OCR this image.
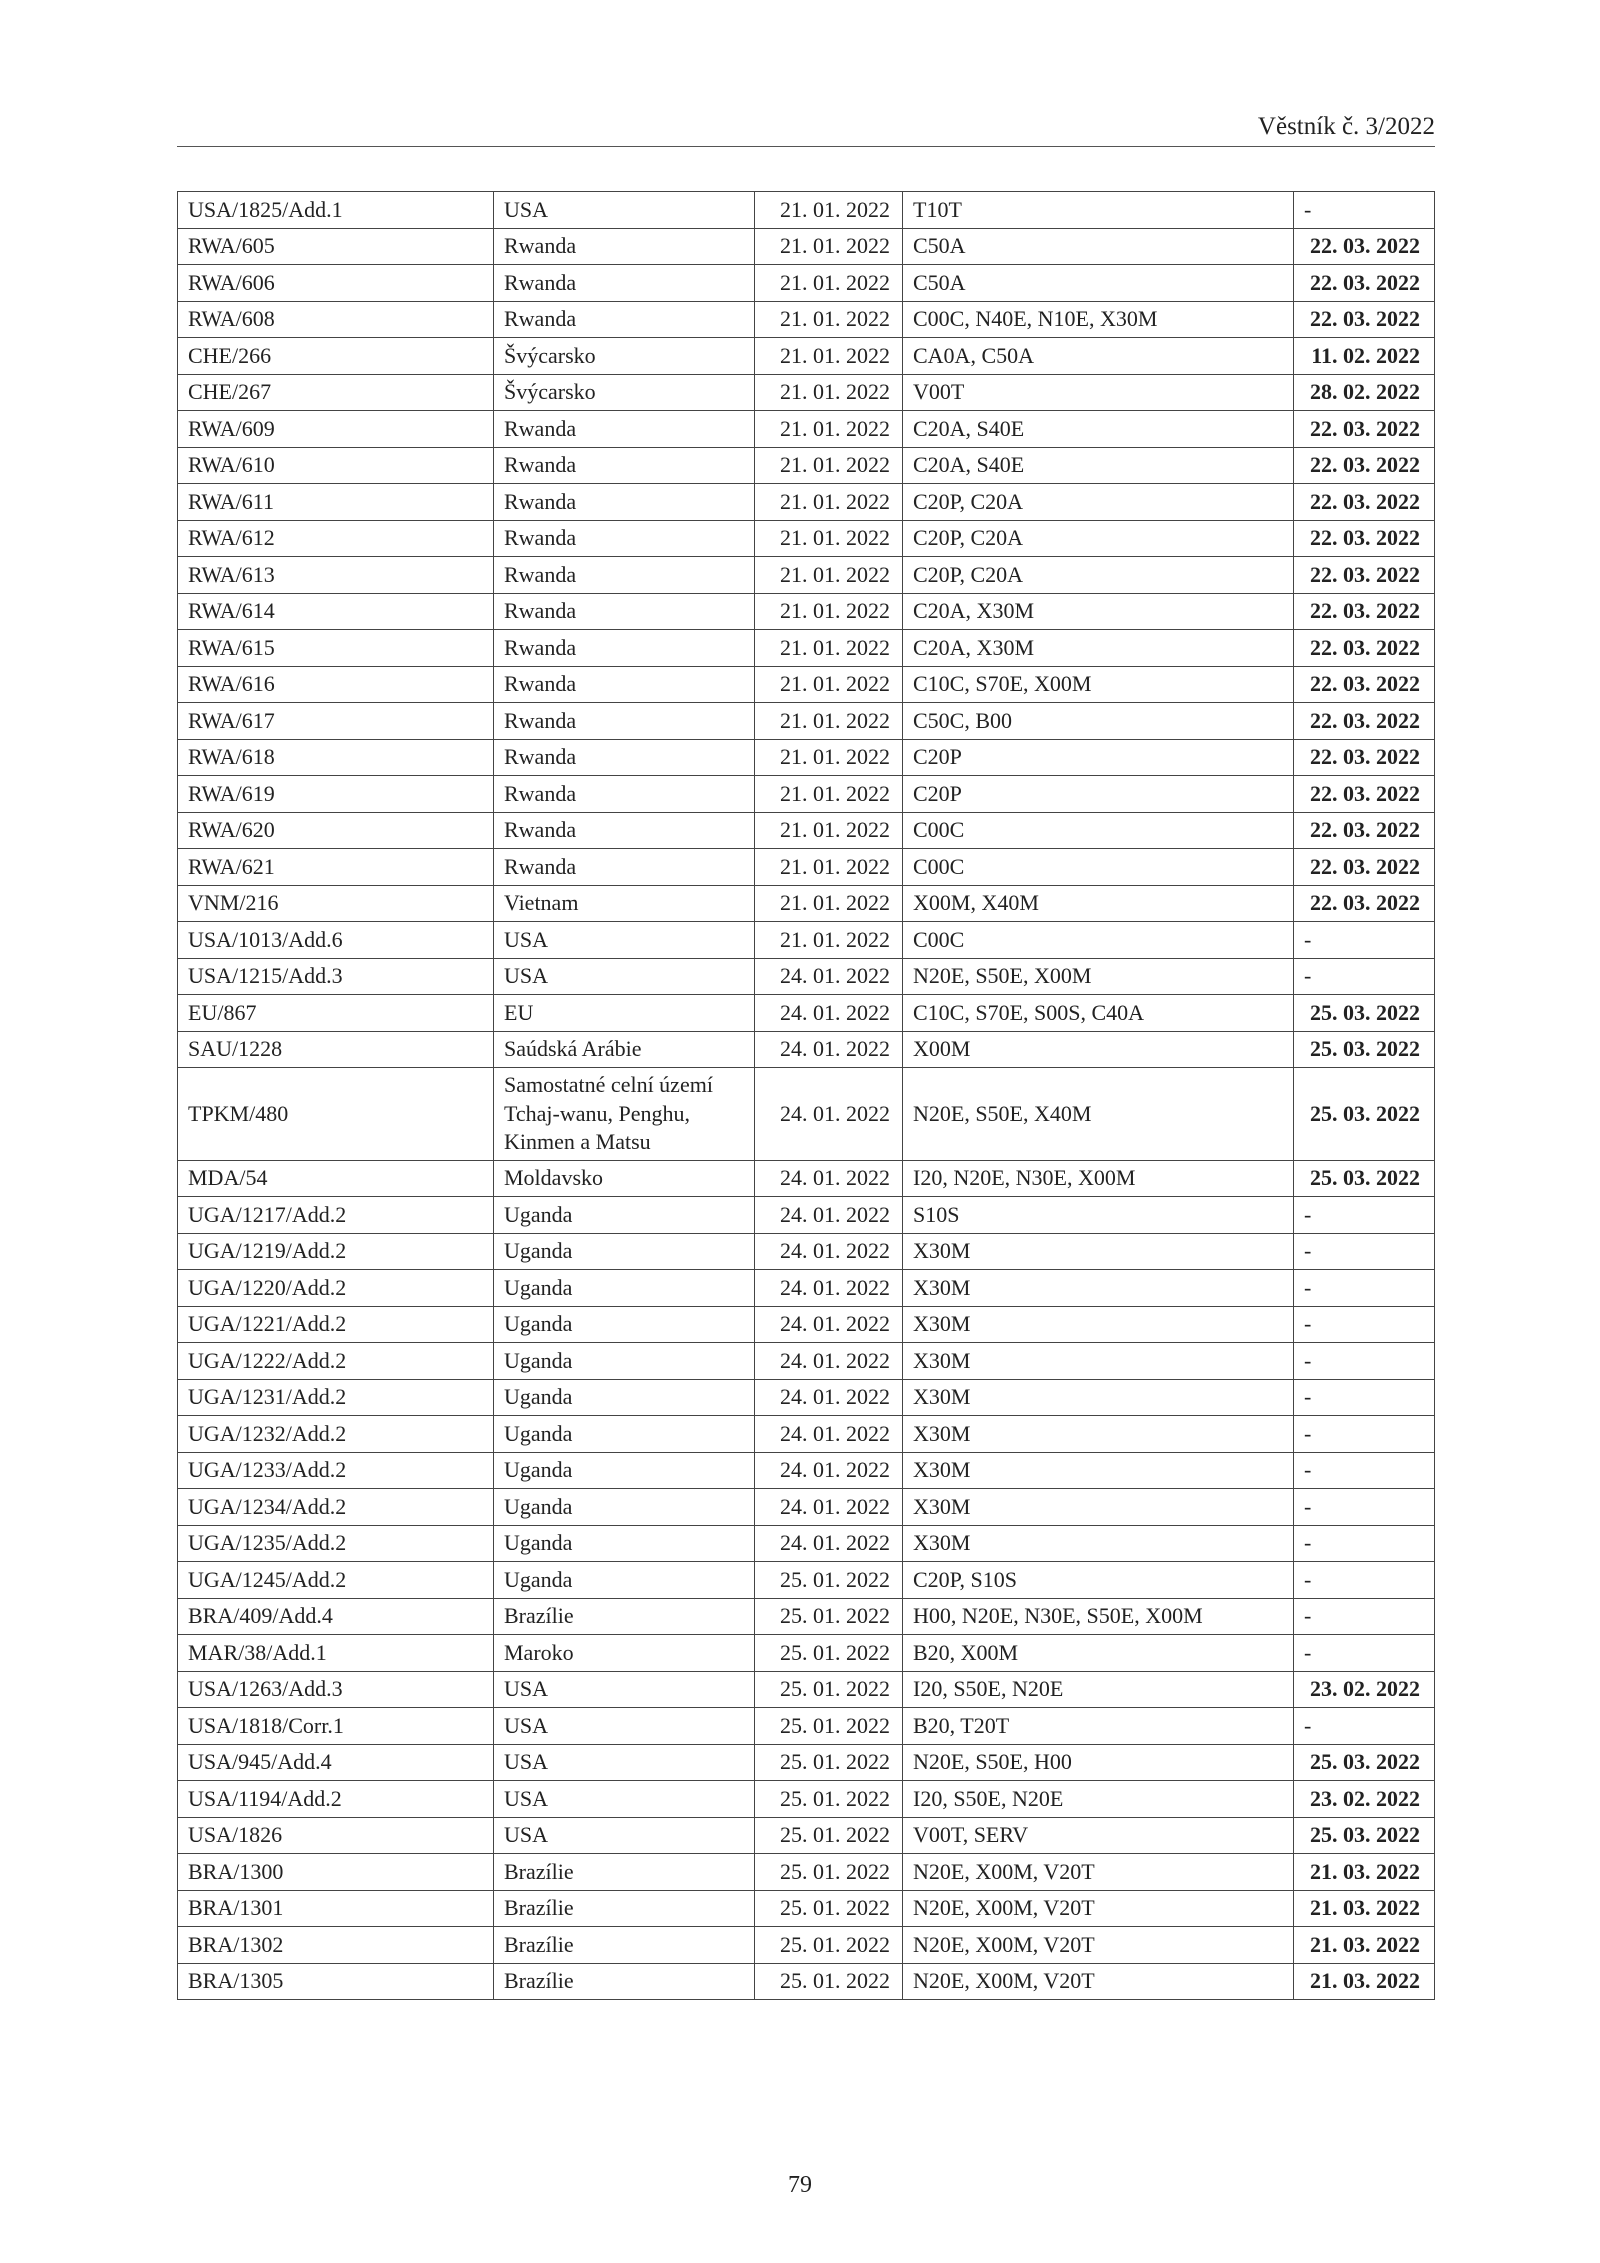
Věstník č. 3/2022
USA/1825/Add.1	USA	21. 01. 2022	T10T	-
RWA/605	Rwanda	21. 01. 2022	C50A	22. 03. 2022
RWA/606	Rwanda	21. 01. 2022	C50A	22. 03. 2022
RWA/608	Rwanda	21. 01. 2022	C00C, N40E, N10E, X30M	22. 03. 2022
CHE/266	Švýcarsko	21. 01. 2022	CA0A, C50A	11. 02. 2022
CHE/267	Švýcarsko	21. 01. 2022	V00T	28. 02. 2022
RWA/609	Rwanda	21. 01. 2022	C20A, S40E	22. 03. 2022
RWA/610	Rwanda	21. 01. 2022	C20A, S40E	22. 03. 2022
RWA/611	Rwanda	21. 01. 2022	C20P, C20A	22. 03. 2022
RWA/612	Rwanda	21. 01. 2022	C20P, C20A	22. 03. 2022
RWA/613	Rwanda	21. 01. 2022	C20P, C20A	22. 03. 2022
RWA/614	Rwanda	21. 01. 2022	C20A, X30M	22. 03. 2022
RWA/615	Rwanda	21. 01. 2022	C20A, X30M	22. 03. 2022
RWA/616	Rwanda	21. 01. 2022	C10C, S70E, X00M	22. 03. 2022
RWA/617	Rwanda	21. 01. 2022	C50C, B00	22. 03. 2022
RWA/618	Rwanda	21. 01. 2022	C20P	22. 03. 2022
RWA/619	Rwanda	21. 01. 2022	C20P	22. 03. 2022
RWA/620	Rwanda	21. 01. 2022	C00C	22. 03. 2022
RWA/621	Rwanda	21. 01. 2022	C00C	22. 03. 2022
VNM/216	Vietnam	21. 01. 2022	X00M, X40M	22. 03. 2022
USA/1013/Add.6	USA	21. 01. 2022	C00C	-
USA/1215/Add.3	USA	24. 01. 2022	N20E, S50E, X00M	-
EU/867	EU	24. 01. 2022	C10C, S70E, S00S, C40A	25. 03. 2022
SAU/1228	Saúdská Arábie	24. 01. 2022	X00M	25. 03. 2022
TPKM/480	Samostatné celní území Tchaj-wanu, Penghu, Kinmen a Matsu	24. 01. 2022	N20E, S50E, X40M	25. 03. 2022
MDA/54	Moldavsko	24. 01. 2022	I20, N20E, N30E, X00M	25. 03. 2022
UGA/1217/Add.2	Uganda	24. 01. 2022	S10S	-
UGA/1219/Add.2	Uganda	24. 01. 2022	X30M	-
UGA/1220/Add.2	Uganda	24. 01. 2022	X30M	-
UGA/1221/Add.2	Uganda	24. 01. 2022	X30M	-
UGA/1222/Add.2	Uganda	24. 01. 2022	X30M	-
UGA/1231/Add.2	Uganda	24. 01. 2022	X30M	-
UGA/1232/Add.2	Uganda	24. 01. 2022	X30M	-
UGA/1233/Add.2	Uganda	24. 01. 2022	X30M	-
UGA/1234/Add.2	Uganda	24. 01. 2022	X30M	-
UGA/1235/Add.2	Uganda	24. 01. 2022	X30M	-
UGA/1245/Add.2	Uganda	25. 01. 2022	C20P, S10S	-
BRA/409/Add.4	Brazílie	25. 01. 2022	H00, N20E, N30E, S50E, X00M	-
MAR/38/Add.1	Maroko	25. 01. 2022	B20, X00M	-
USA/1263/Add.3	USA	25. 01. 2022	I20, S50E, N20E	23. 02. 2022
USA/1818/Corr.1	USA	25. 01. 2022	B20, T20T	-
USA/945/Add.4	USA	25. 01. 2022	N20E, S50E, H00	25. 03. 2022
USA/1194/Add.2	USA	25. 01. 2022	I20, S50E, N20E	23. 02. 2022
USA/1826	USA	25. 01. 2022	V00T, SERV	25. 03. 2022
BRA/1300	Brazílie	25. 01. 2022	N20E, X00M, V20T	21. 03. 2022
BRA/1301	Brazílie	25. 01. 2022	N20E, X00M, V20T	21. 03. 2022
BRA/1302	Brazílie	25. 01. 2022	N20E, X00M, V20T	21. 03. 2022
BRA/1305	Brazílie	25. 01. 2022	N20E, X00M, V20T	21. 03. 2022
79
